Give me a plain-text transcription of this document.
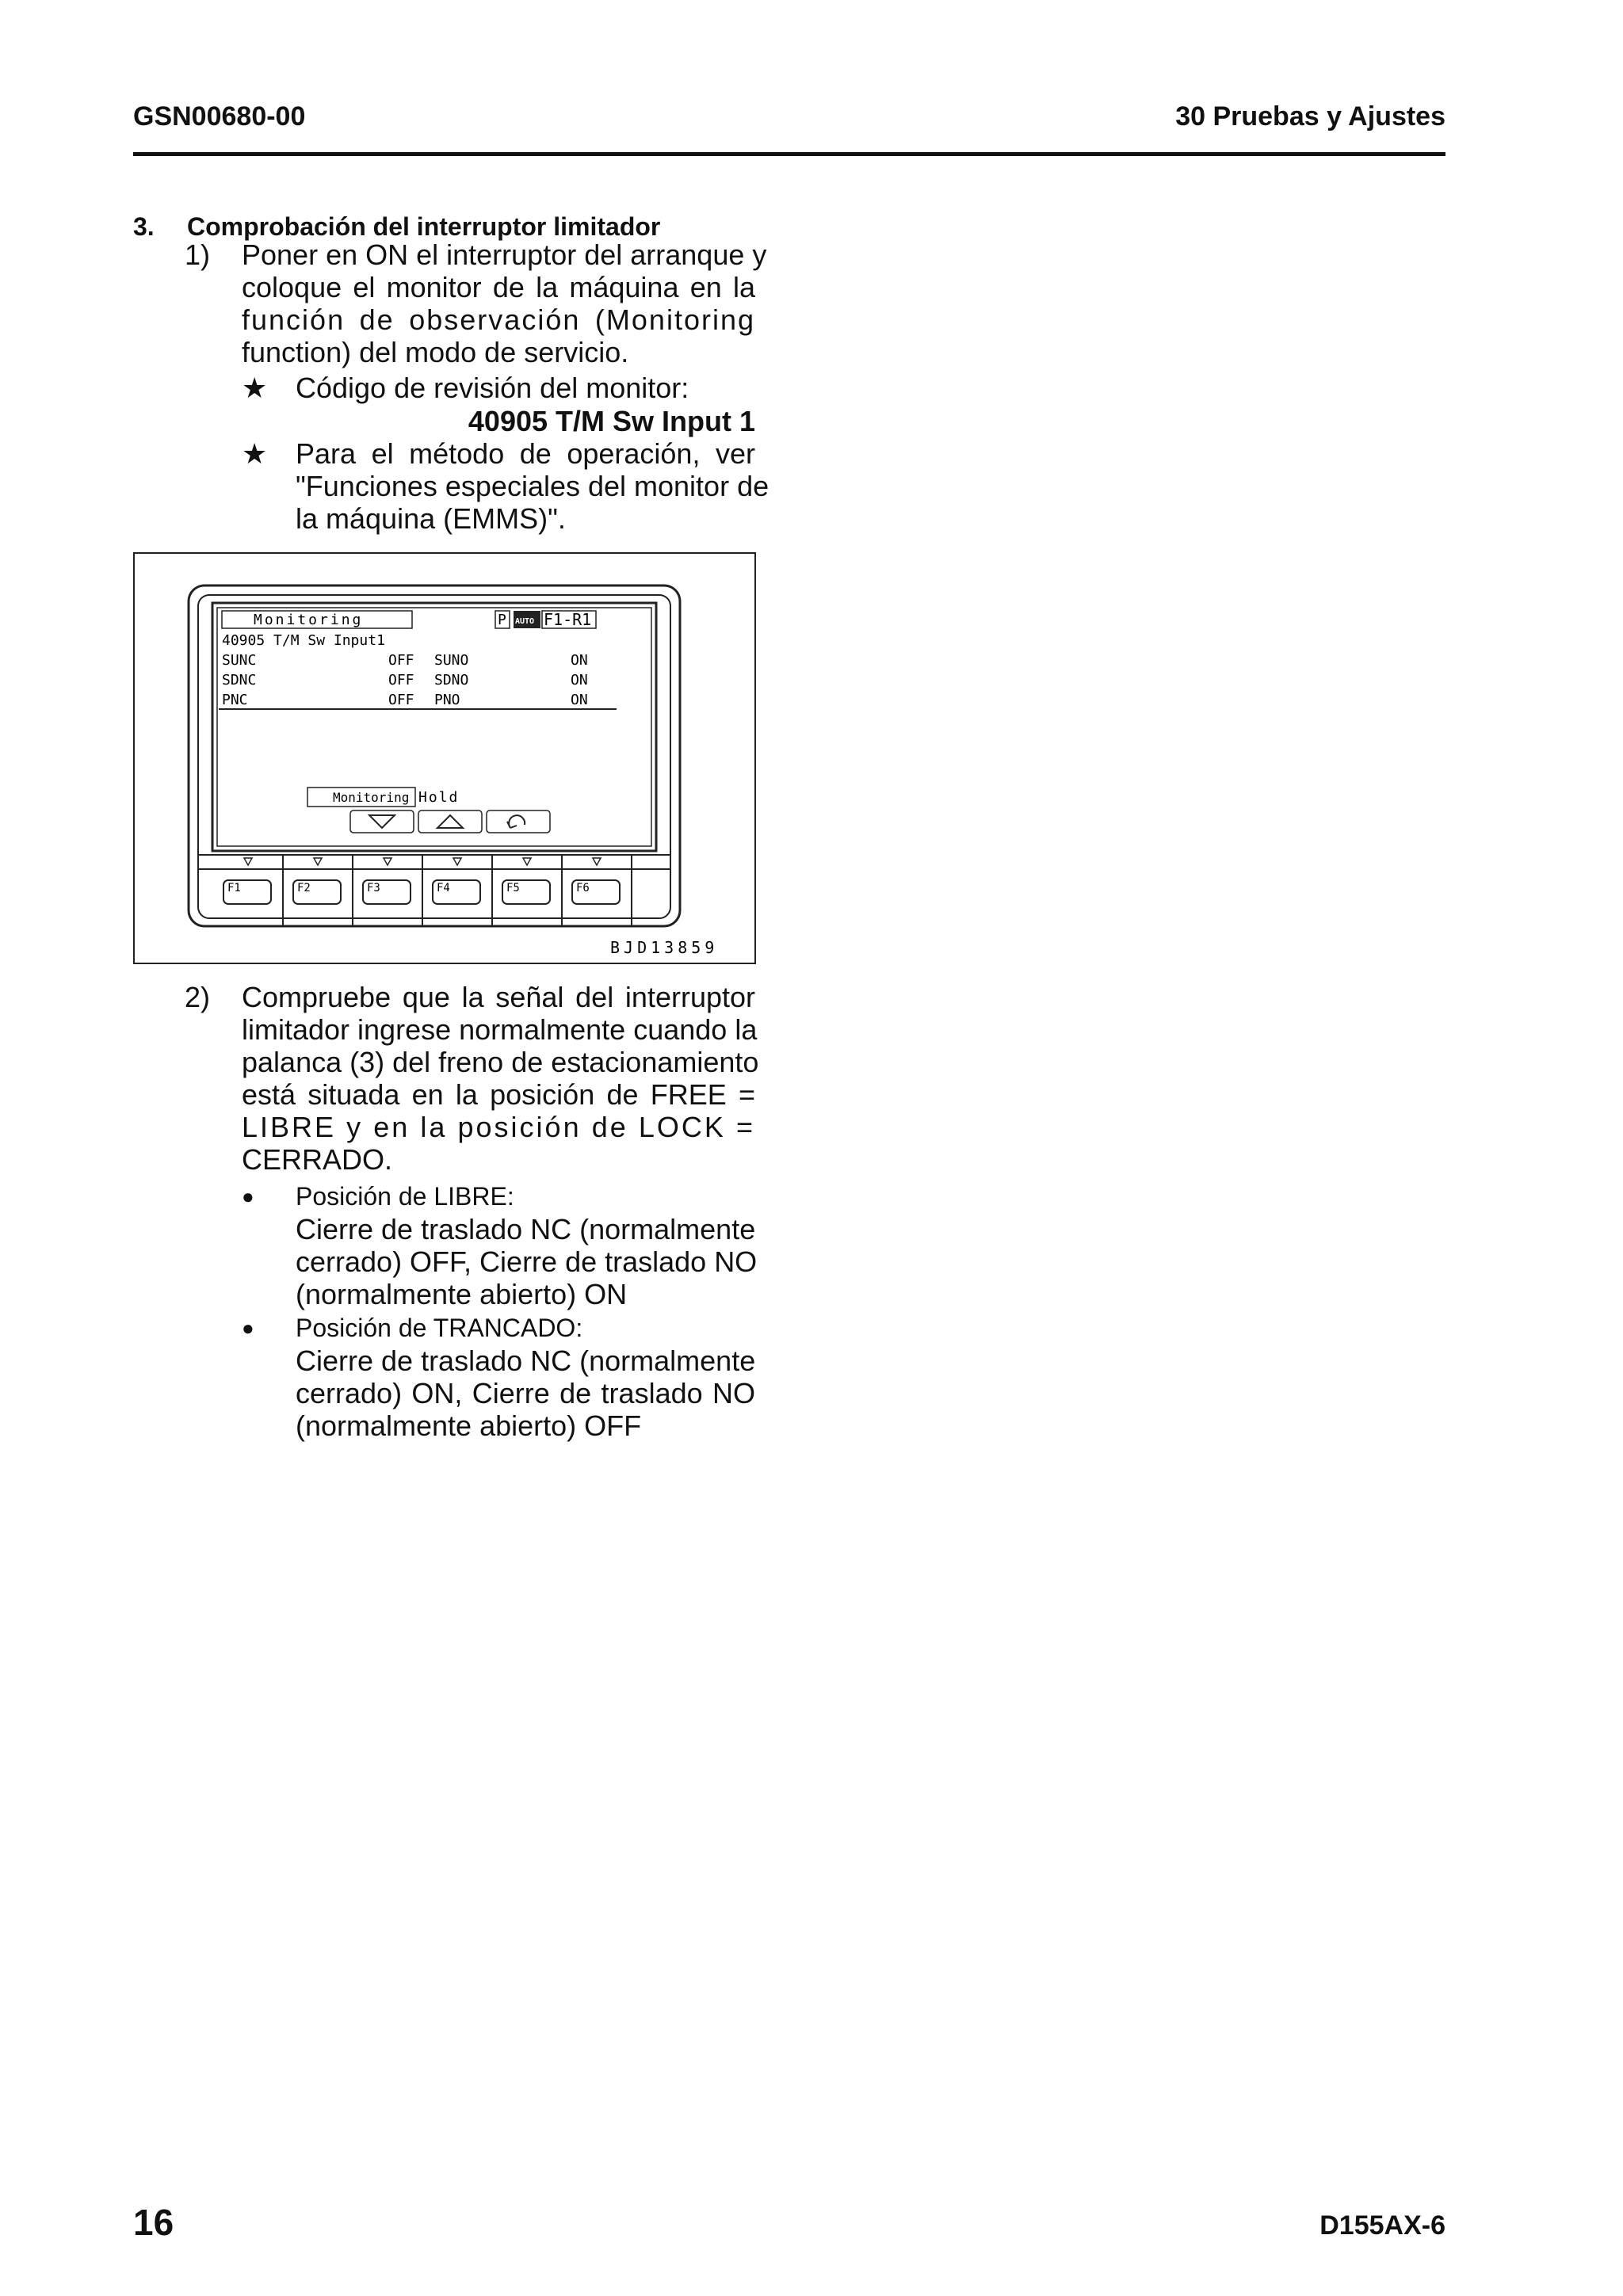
GSN00680-00	30 Pruebas y Ajustes
3. Comprobación del interruptor limitador
1) Poner en ON el interruptor del arranque y
coloque el monitor de la máquina en la
función de observación (Monitoring
function) del modo de servicio.
★ Código de revisión del monitor:
40905 T/M Sw Input 1
★ Para el método de operación, ver
"Funciones especiales del monitor de
la máquina (EMMS)".
Monitoring	P AUTO F1-R1
40905 T/M Sw Input1
SUNC	OFF SUNO	ON
SDNC	OFF SDNO	ON
PNC	OFF PNO	ON
Monitoring Hold
F1	F2	F3	F4	F5	F6
BJD13859
2) Compruebe que la señal del interruptor
limitador ingrese normalmente cuando la
palanca (3) del freno de estacionamiento
está situada en la posición de FREE =
LIBRE y en la posición de LOCK =
CERRADO.
●	Posición de LIBRE:
Cierre de traslado NC (normalmente
cerrado) OFF, Cierre de traslado NO
(normalmente abierto) ON
●	Posición de TRANCADO:
Cierre de traslado NC (normalmente
cerrado) ON, Cierre de traslado NO
(normalmente abierto) OFF
16	D155AX-6
